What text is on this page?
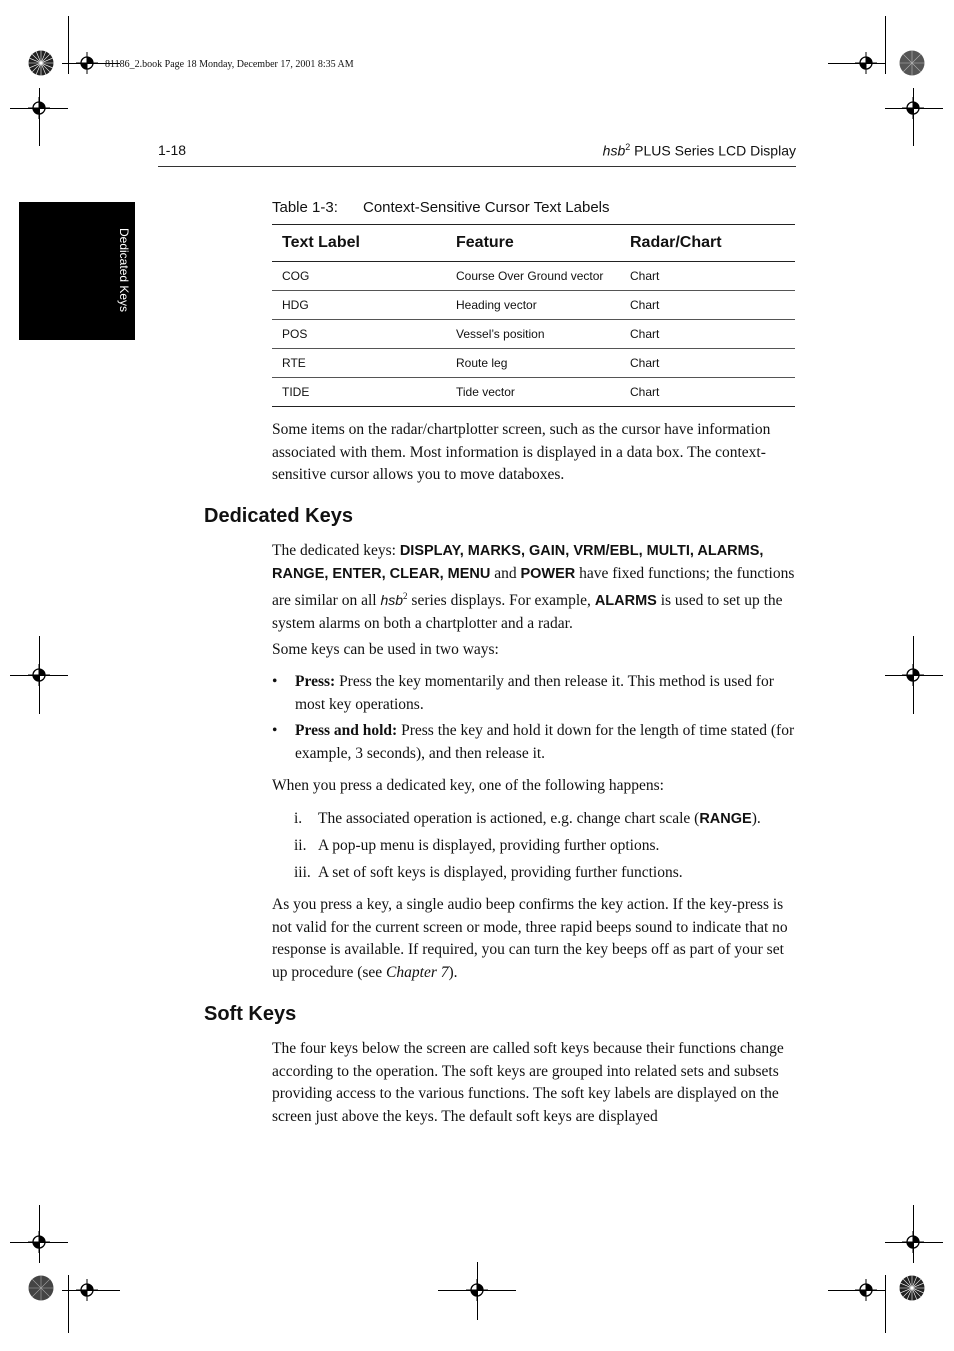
81186_2.book Page 18 Monday, December 17, 2001 8:35 AM
1-18	hsb$^2$ PLUS Series LCD Display
Dedicated Keys
Table 1-3: Context-Sensitive Cursor Text Labels
Text Label	Feature	Radar/Chart
COG	Course Over Ground vector	Chart
HDG	Heading vector	Chart
POS	Vessel’s position	Chart
RTE	Route leg	Chart
TIDE	Tide vector	Chart

Some items on the radar/chartplotter screen, such as the cursor have information associated with them. Most information is displayed in a data box. The context-sensitive cursor allows you to move databoxes.

Dedicated Keys

The dedicated keys: DISPLAY, MARKS, GAIN, VRM/EBL, MULTI, ALARMS, RANGE, ENTER, CLEAR, MENU and POWER have fixed functions; the functions are similar on all hsb$^2$ series displays. For example, ALARMS is used to set up the system alarms on both a chartplotter and a radar.

Some keys can be used in two ways:

• Press: Press the key momentarily and then release it. This method is used for most key operations.
• Press and hold: Press the key and hold it down for the length of time stated (for example, 3 seconds), and then release it.

When you press a dedicated key, one of the following happens:

i. The associated operation is actioned, e.g. change chart scale (RANGE).
ii. A pop-up menu is displayed, providing further options.
iii. A set of soft keys is displayed, providing further functions.

As you press a key, a single audio beep confirms the key action. If the key-press is not valid for the current screen or mode, three rapid beeps sound to indicate that no response is available. If required, you can turn the key beeps off as part of your set up procedure (see Chapter 7).

Soft Keys

The four keys below the screen are called soft keys because their functions change according to the operation. The soft keys are grouped into related sets and subsets providing access to the various functions. The soft key labels are displayed on the screen just above the keys. The default soft keys are displayed
